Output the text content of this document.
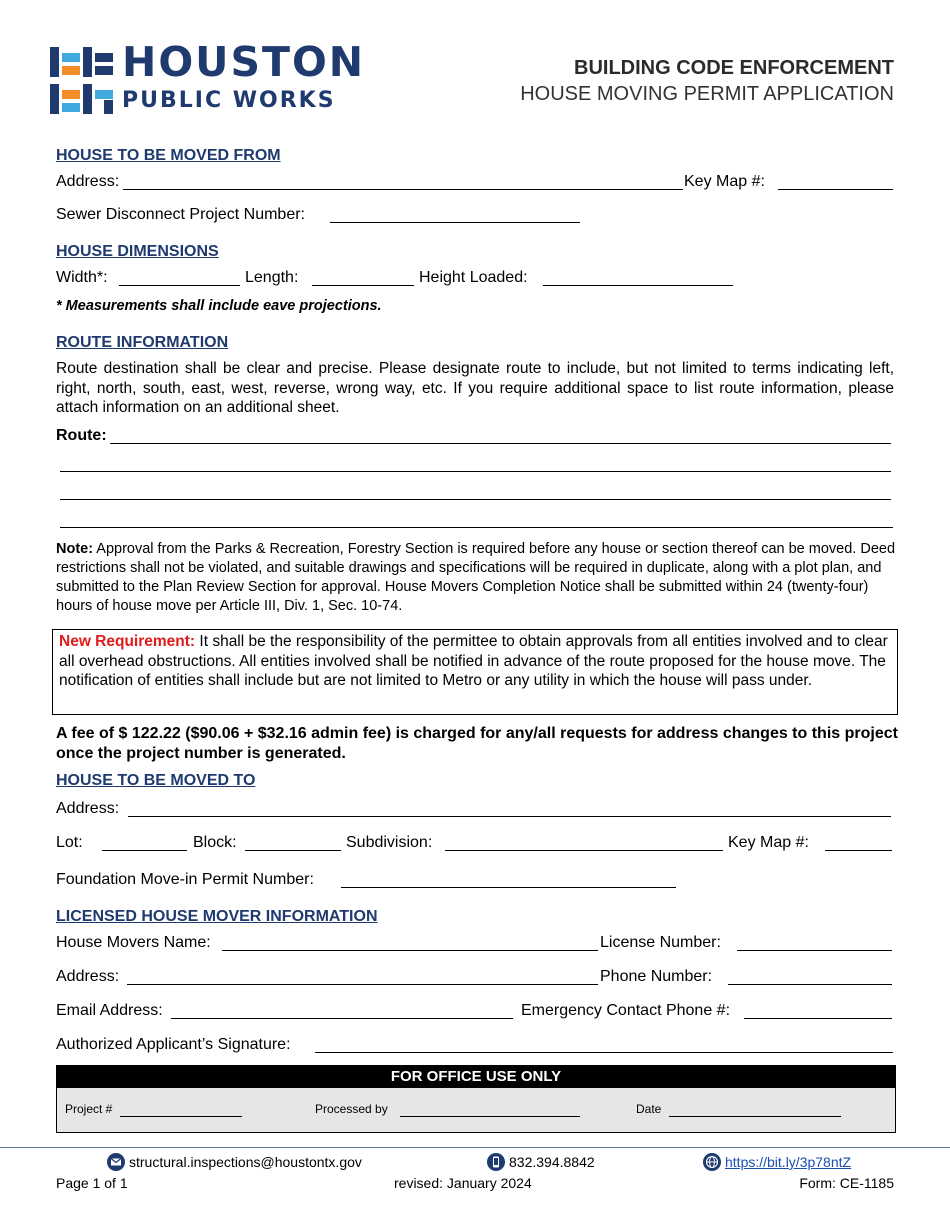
HOUSTON
PUBLIC WORKS
BUILDING CODE ENFORCEMENT
HOUSE MOVING PERMIT APPLICATION
HOUSE TO BE MOVED FROM
Address:	Key Map #:
Sewer Disconnect Project Number:
HOUSE DIMENSIONS
Width*:	Length:	Height Loaded:
* Measurements shall include eave projections.
ROUTE INFORMATION
Route destination shall be clear and precise. Please designate route to include, but not limited to terms indicating left, right, north, south, east, west, reverse, wrong way, etc. If you require additional space to list route information, please attach information on an additional sheet.
Route:
Note: Approval from the Parks & Recreation, Forestry Section is required before any house or section thereof can be moved. Deed restrictions shall not be violated, and suitable drawings and specifications will be required in duplicate, along with a plot plan, and submitted to the Plan Review Section for approval. House Movers Completion Notice shall be submitted within 24 (twenty-four) hours of house move per Article III, Div. 1, Sec. 10-74.
New Requirement: It shall be the responsibility of the permittee to obtain approvals from all entities involved and to clear all overhead obstructions. All entities involved shall be notified in advance of the route proposed for the house move. The notification of entities shall include but are not limited to Metro or any utility in which the house will pass under.
A fee of $ 122.22 ($90.06 + $32.16 admin fee) is charged for any/all requests for address changes to this project once the project number is generated.
HOUSE TO BE MOVED TO
Address:
Lot:	Block:	Subdivision:	Key Map #:
Foundation Move-in Permit Number:
LICENSED HOUSE MOVER INFORMATION
House Movers Name:	License Number:
Address:	Phone Number:
Email Address:	Emergency Contact Phone #:
Authorized Applicant’s Signature:
FOR OFFICE USE ONLY
Project #	Processed by	Date
structural.inspections@houstontx.gov	832.394.8842	https://bit.ly/3p78ntZ
Page 1 of 1	revised: January 2024	Form: CE-1185
